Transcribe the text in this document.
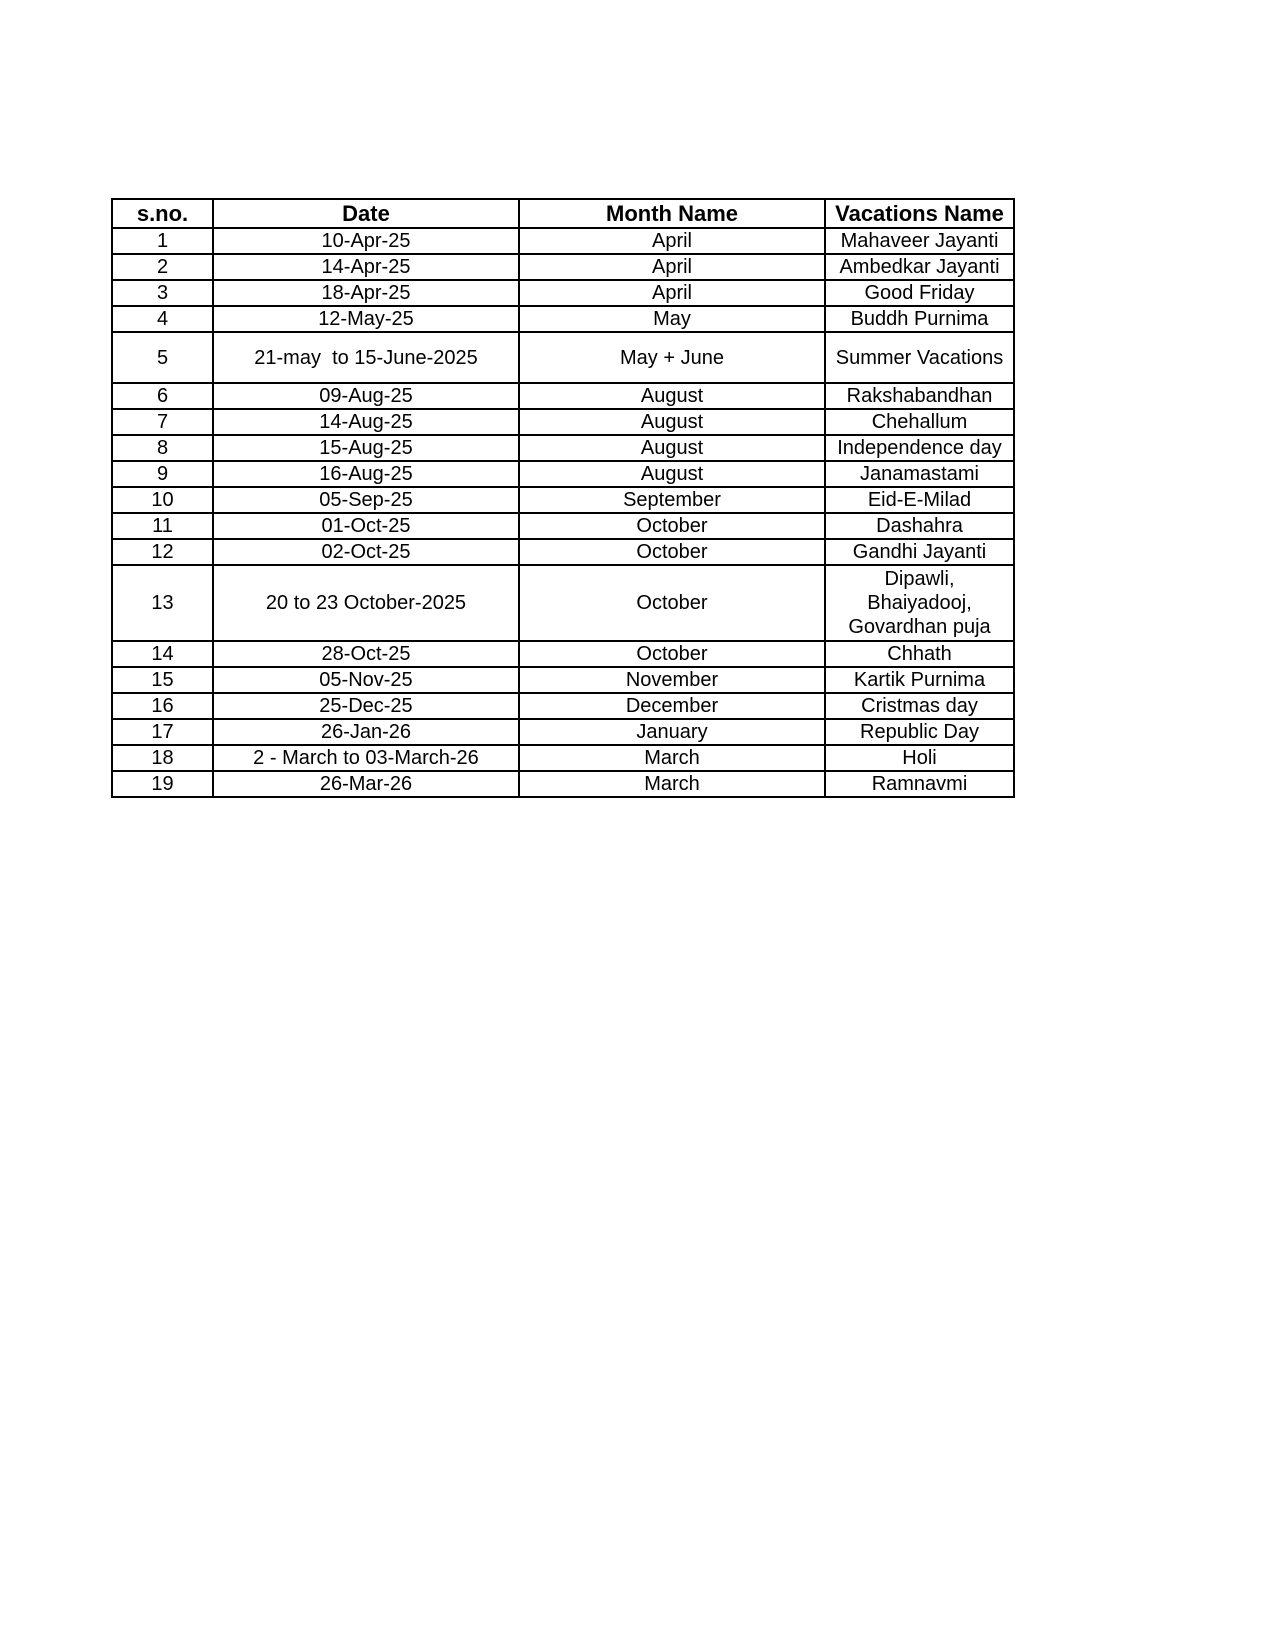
s.no.	Date	Month Name	Vacations Name
1	10-Apr-25	April	Mahaveer Jayanti
2	14-Apr-25	April	Ambedkar Jayanti
3	18-Apr-25	April	Good Friday
4	12-May-25	May	Buddh Purnima
5	21-may  to 15-June-2025	May + June	Summer Vacations
6	09-Aug-25	August	Rakshabandhan
7	14-Aug-25	August	Chehallum
8	15-Aug-25	August	Independence day
9	16-Aug-25	August	Janamastami
10	05-Sep-25	September	Eid-E-Milad
11	01-Oct-25	October	Dashahra
12	02-Oct-25	October	Gandhi Jayanti
13	20 to 23 October-2025	October	Dipawli,
Bhaiyadooj,
Govardhan puja

14	28-Oct-25	October	Chhath
15	05-Nov-25	November	Kartik Purnima
16	25-Dec-25	December	Cristmas day
17	26-Jan-26	January	Republic Day
18	2 - March to 03-March-26	March	Holi
19	26-Mar-26	March	Ramnavmi
